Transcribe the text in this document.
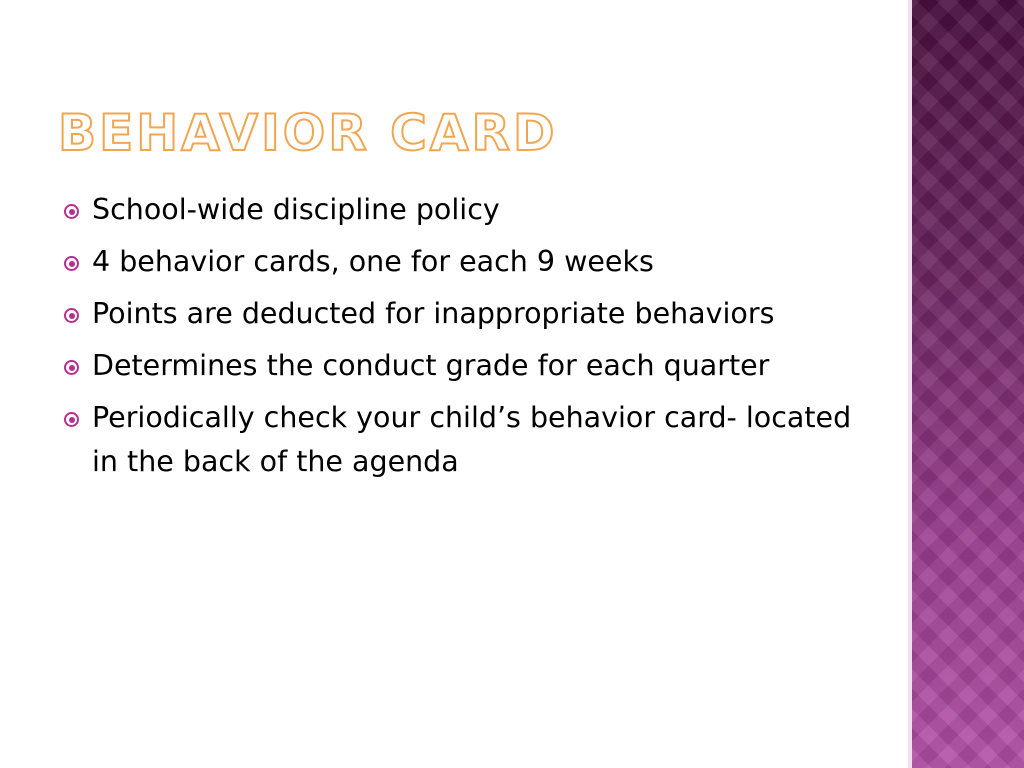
BEHAVIOR CARD
School-wide discipline policy
4 behavior cards, one for each 9 weeks
Points are deducted for inappropriate behaviors
Determines the conduct grade for each quarter
Periodically check your child’s behavior card- located in the back of the agenda
